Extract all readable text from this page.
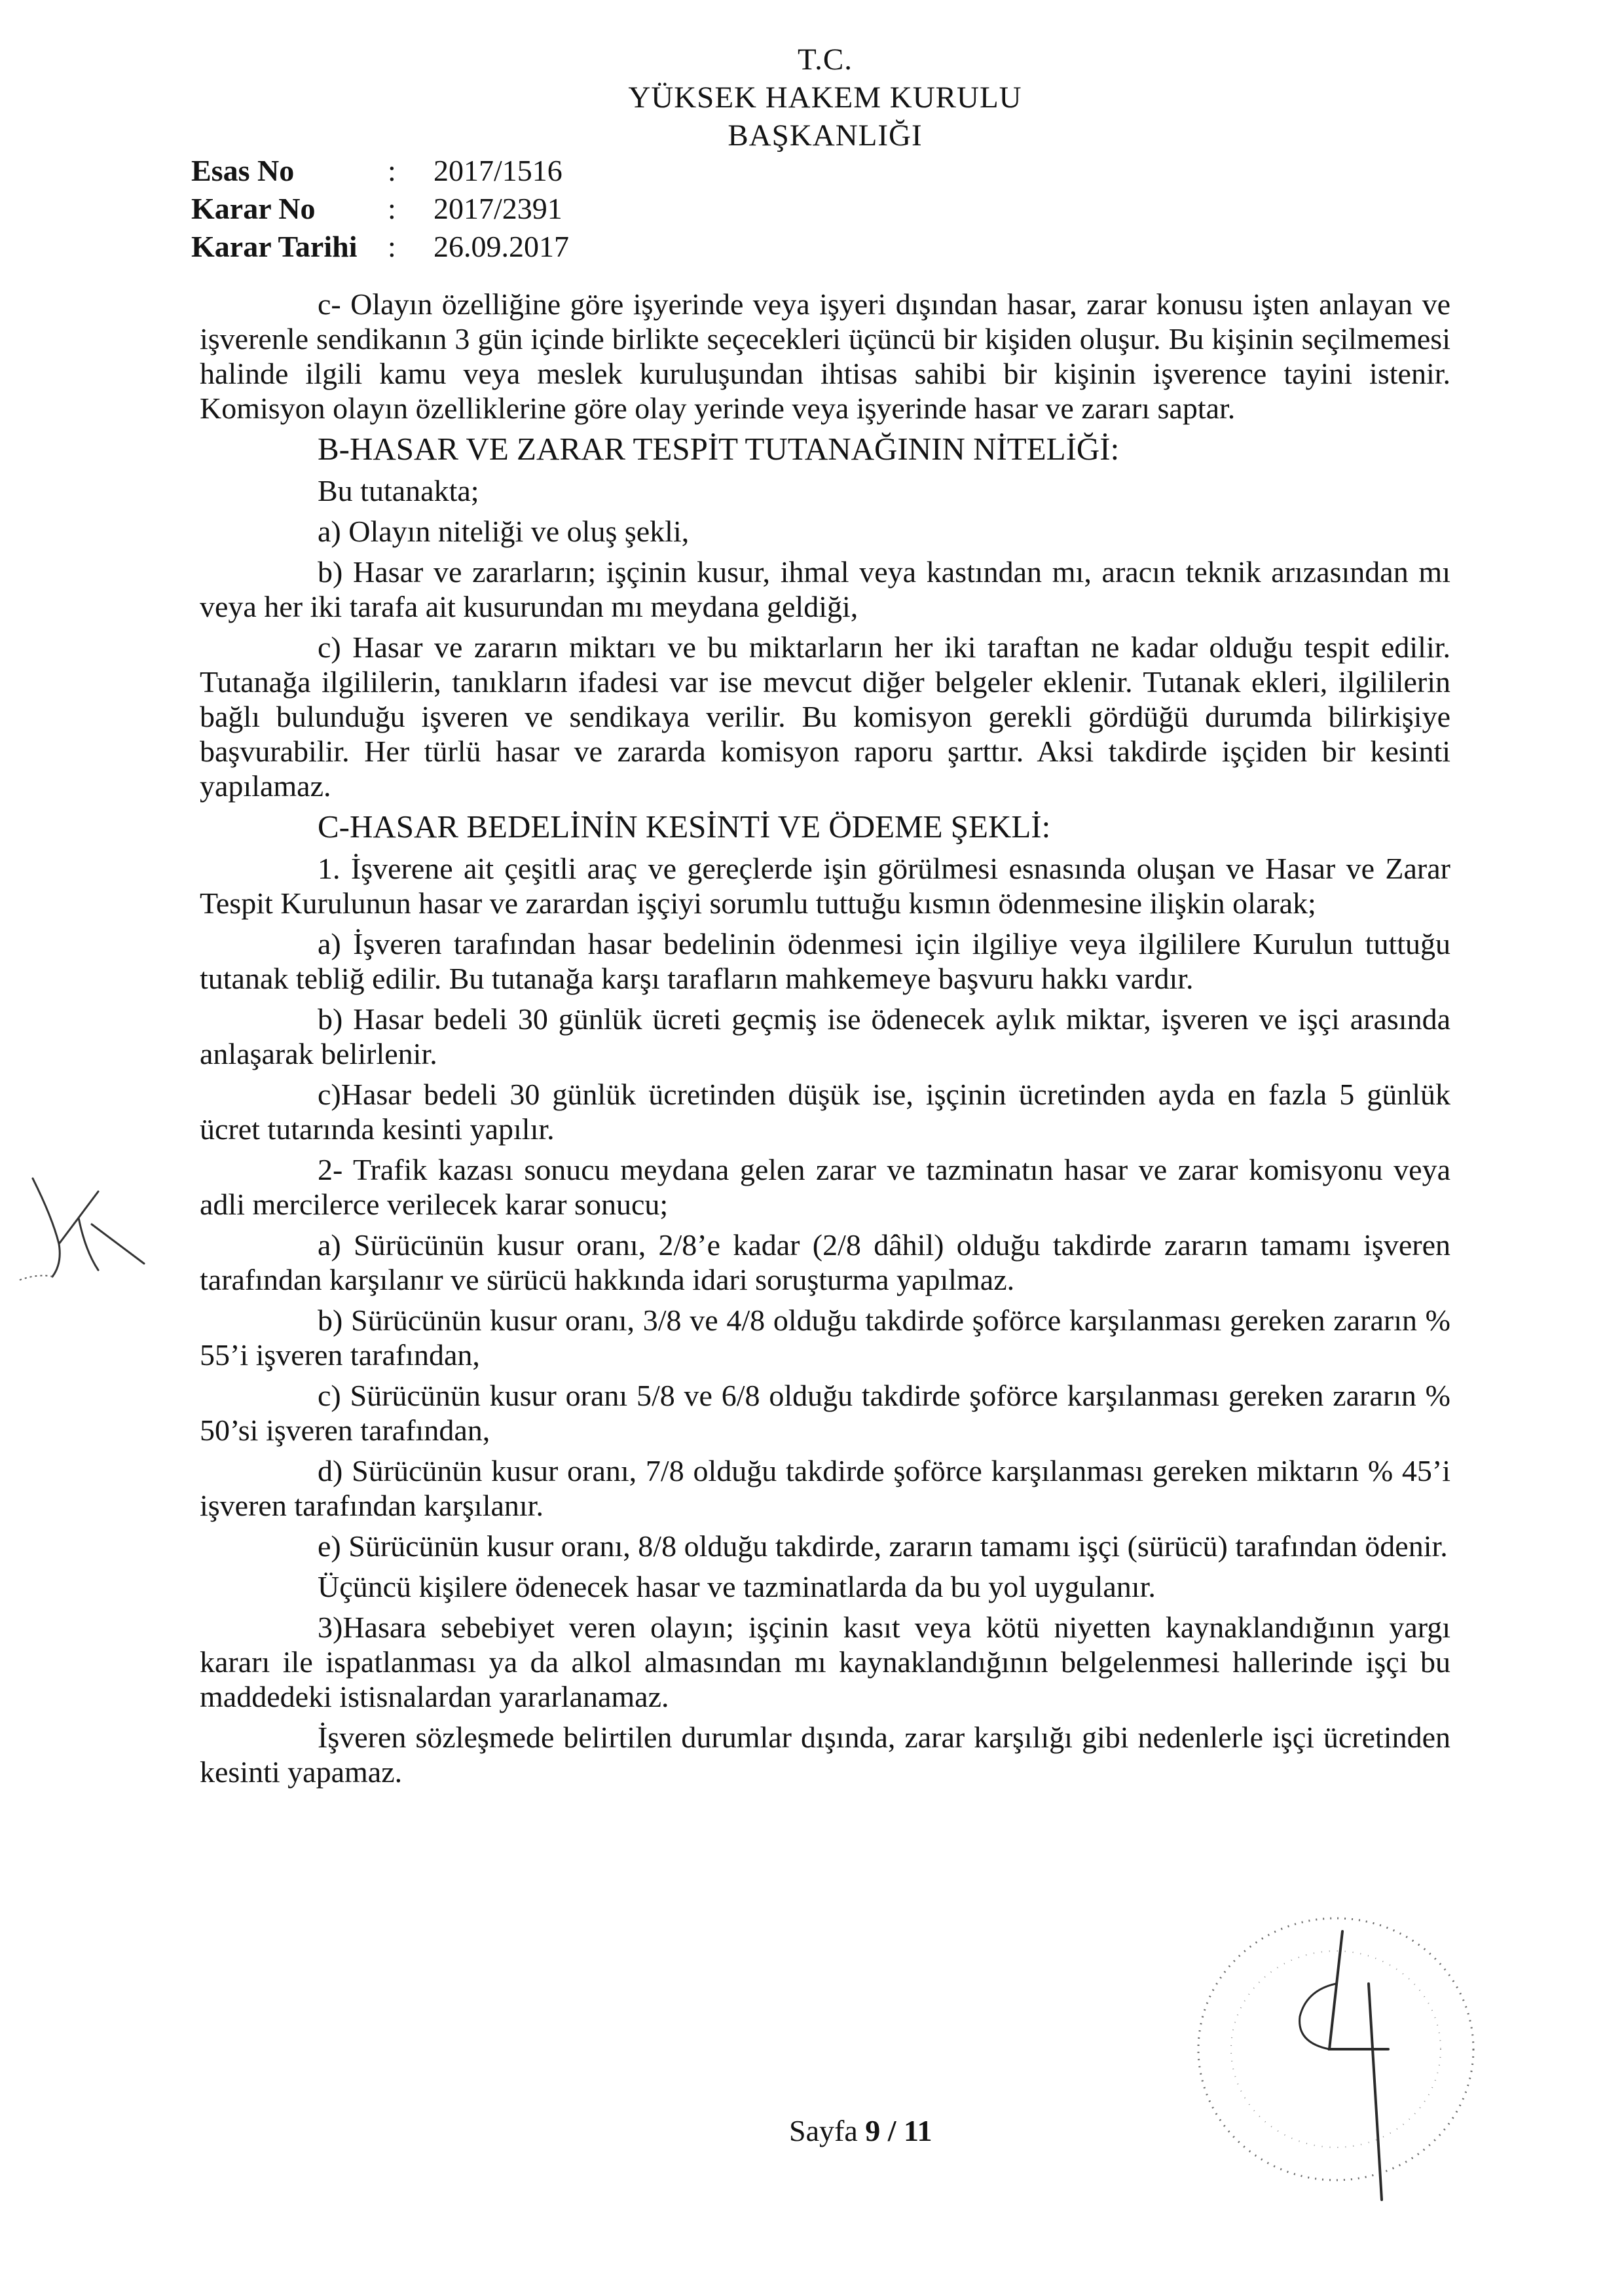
T.C.
YÜKSEK HAKEM KURULU
BAŞKANLIĞI
Esas No	:	2017/1516
Karar No	:	2017/2391
Karar Tarihi	:	26.09.2017

c- Olayın özelliğine göre işyerinde veya işyeri dışından hasar, zarar konusu işten anlayan ve işverenle sendikanın 3 gün içinde birlikte seçecekleri üçüncü bir kişiden oluşur. Bu kişinin seçilmemesi halinde ilgili kamu veya meslek kuruluşundan ihtisas sahibi bir kişinin işverence tayini istenir. Komisyon olayın özelliklerine göre olay yerinde veya işyerinde hasar ve zararı saptar.

B-HASAR VE ZARAR TESPİT TUTANAĞININ NİTELİĞİ:
Bu tutanakta;
a) Olayın niteliği ve oluş şekli,

b) Hasar ve zararların; işçinin kusur, ihmal veya kastından mı, aracın teknik arızasından mı veya her iki tarafa ait kusurundan mı meydana geldiği,

c) Hasar ve zararın miktarı ve bu miktarların her iki taraftan ne kadar olduğu tespit edilir. Tutanağa ilgililerin, tanıkların ifadesi var ise mevcut diğer belgeler eklenir. Tutanak ekleri, ilgililerin bağlı bulunduğu işveren ve sendikaya verilir. Bu komisyon gerekli gördüğü durumda bilirkişiye başvurabilir. Her türlü hasar ve zararda komisyon raporu şarttır. Aksi takdirde işçiden bir kesinti yapılamaz.

C-HASAR BEDELİNİN KESİNTİ VE ÖDEME ŞEKLİ:

1. İşverene ait çeşitli araç ve gereçlerde işin görülmesi esnasında oluşan ve Hasar ve Zarar Tespit Kurulunun hasar ve zarardan işçiyi sorumlu tuttuğu kısmın ödenmesine ilişkin olarak;

a) İşveren tarafından hasar bedelinin ödenmesi için ilgiliye veya ilgililere Kurulun tuttuğu tutanak tebliğ edilir. Bu tutanağa karşı tarafların mahkemeye başvuru hakkı vardır.

b) Hasar bedeli 30 günlük ücreti geçmiş ise ödenecek aylık miktar, işveren ve işçi arasında anlaşarak belirlenir.

c)Hasar bedeli 30 günlük ücretinden düşük ise, işçinin ücretinden ayda en fazla 5 günlük ücret tutarında kesinti yapılır.

2- Trafik kazası sonucu meydana gelen zarar ve tazminatın hasar ve zarar komisyonu veya adli mercilerce verilecek karar sonucu;

a) Sürücünün kusur oranı, 2/8’e kadar (2/8 dâhil) olduğu takdirde zararın tamamı işveren tarafından karşılanır ve sürücü hakkında idari soruşturma yapılmaz.

b) Sürücünün kusur oranı, 3/8 ve 4/8 olduğu takdirde şoförce karşılanması gereken zararın % 55’i işveren tarafından,

c) Sürücünün kusur oranı 5/8 ve 6/8 olduğu takdirde şoförce karşılanması gereken zararın % 50’si işveren tarafından,

d) Sürücünün kusur oranı, 7/8 olduğu takdirde şoförce karşılanması gereken miktarın % 45’i işveren tarafından karşılanır.

e) Sürücünün kusur oranı, 8/8 olduğu takdirde, zararın tamamı işçi (sürücü) tarafından ödenir.

Üçüncü kişilere ödenecek hasar ve tazminatlarda da bu yol uygulanır.

3)Hasara sebebiyet veren olayın; işçinin kasıt veya kötü niyetten kaynaklandığının yargı kararı ile ispatlanması ya da alkol almasından mı kaynaklandığının belgelenmesi hallerinde işçi bu maddedeki istisnalardan yararlanamaz.

İşveren sözleşmede belirtilen durumlar dışında, zarar karşılığı gibi nedenlerle işçi ücretinden kesinti yapamaz.

Sayfa 9 / 11
